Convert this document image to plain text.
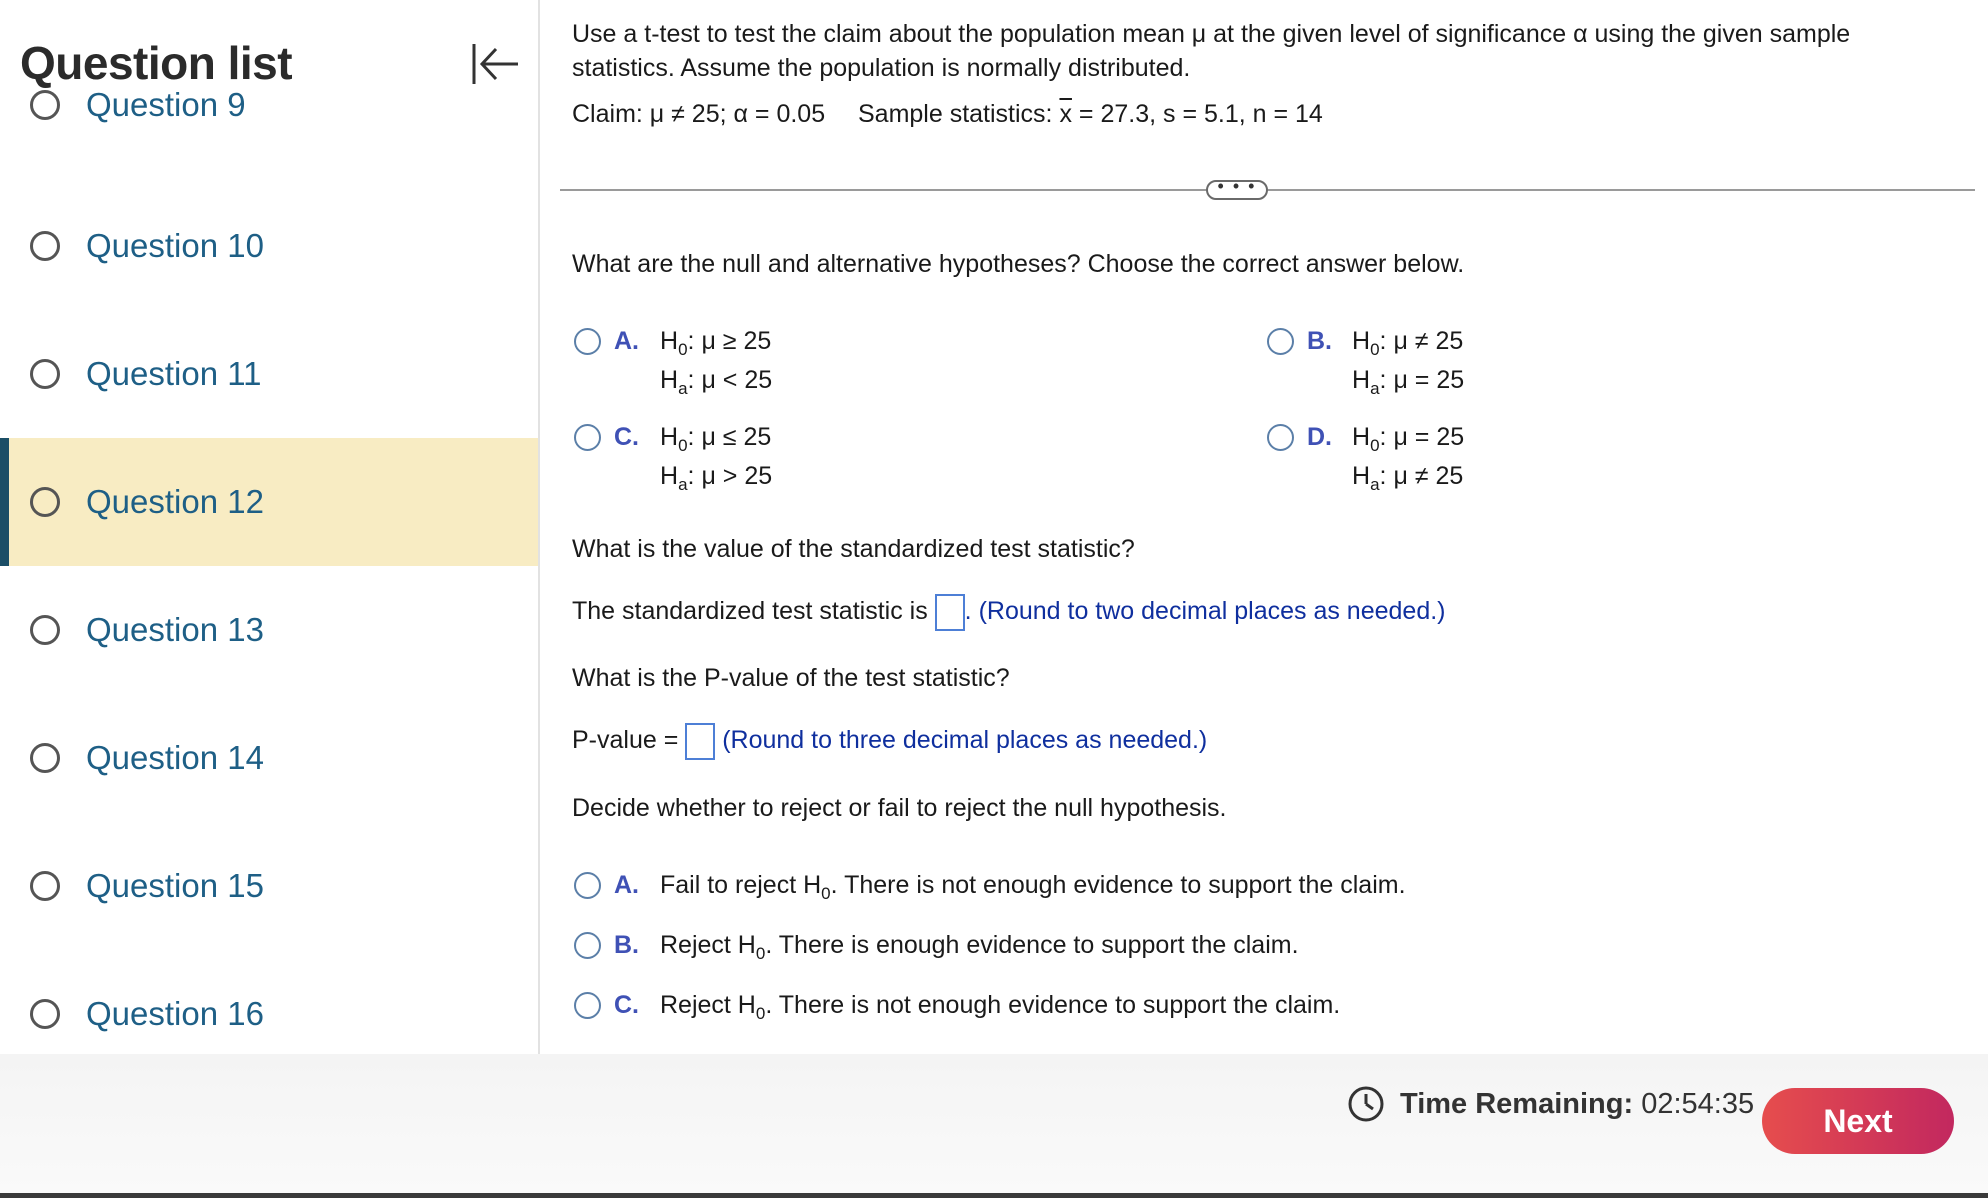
Question list
Question 9
Question 10
Question 11
Question 12
Question 13
Question 14
Question 15
Question 16
Use a t-test to test the claim about the population mean μ at the given level of significance α using the given sample
statistics. Assume the population is normally distributed.
Claim: μ ≠ 25; α = 0.05 Sample statistics: $\overline{x} = 27.3$, s = 5.1, n = 14
• • •
What are the null and alternative hypotheses? Choose the correct answer below.
A. $H_0$: μ ≥ 25
$H_a$: μ < 25
B. $H_0$: μ ≠ 25
$H_a$: μ = 25
C. $H_0$: μ ≤ 25
$H_a$: μ > 25
D. $H_0$: μ = 25
$H_a$: μ ≠ 25
What is the value of the standardized test statistic?
The standardized test statistic is . (Round to two decimal places as needed.)
What is the P-value of the test statistic?
P-value = (Round to three decimal places as needed.)
Decide whether to reject or fail to reject the null hypothesis.
A. Fail to reject $H_0$. There is not enough evidence to support the claim.
B. Reject $H_0$. There is enough evidence to support the claim.
C. Reject $H_0$. There is not enough evidence to support the claim.
Time Remaining: 02:54:35	Next
